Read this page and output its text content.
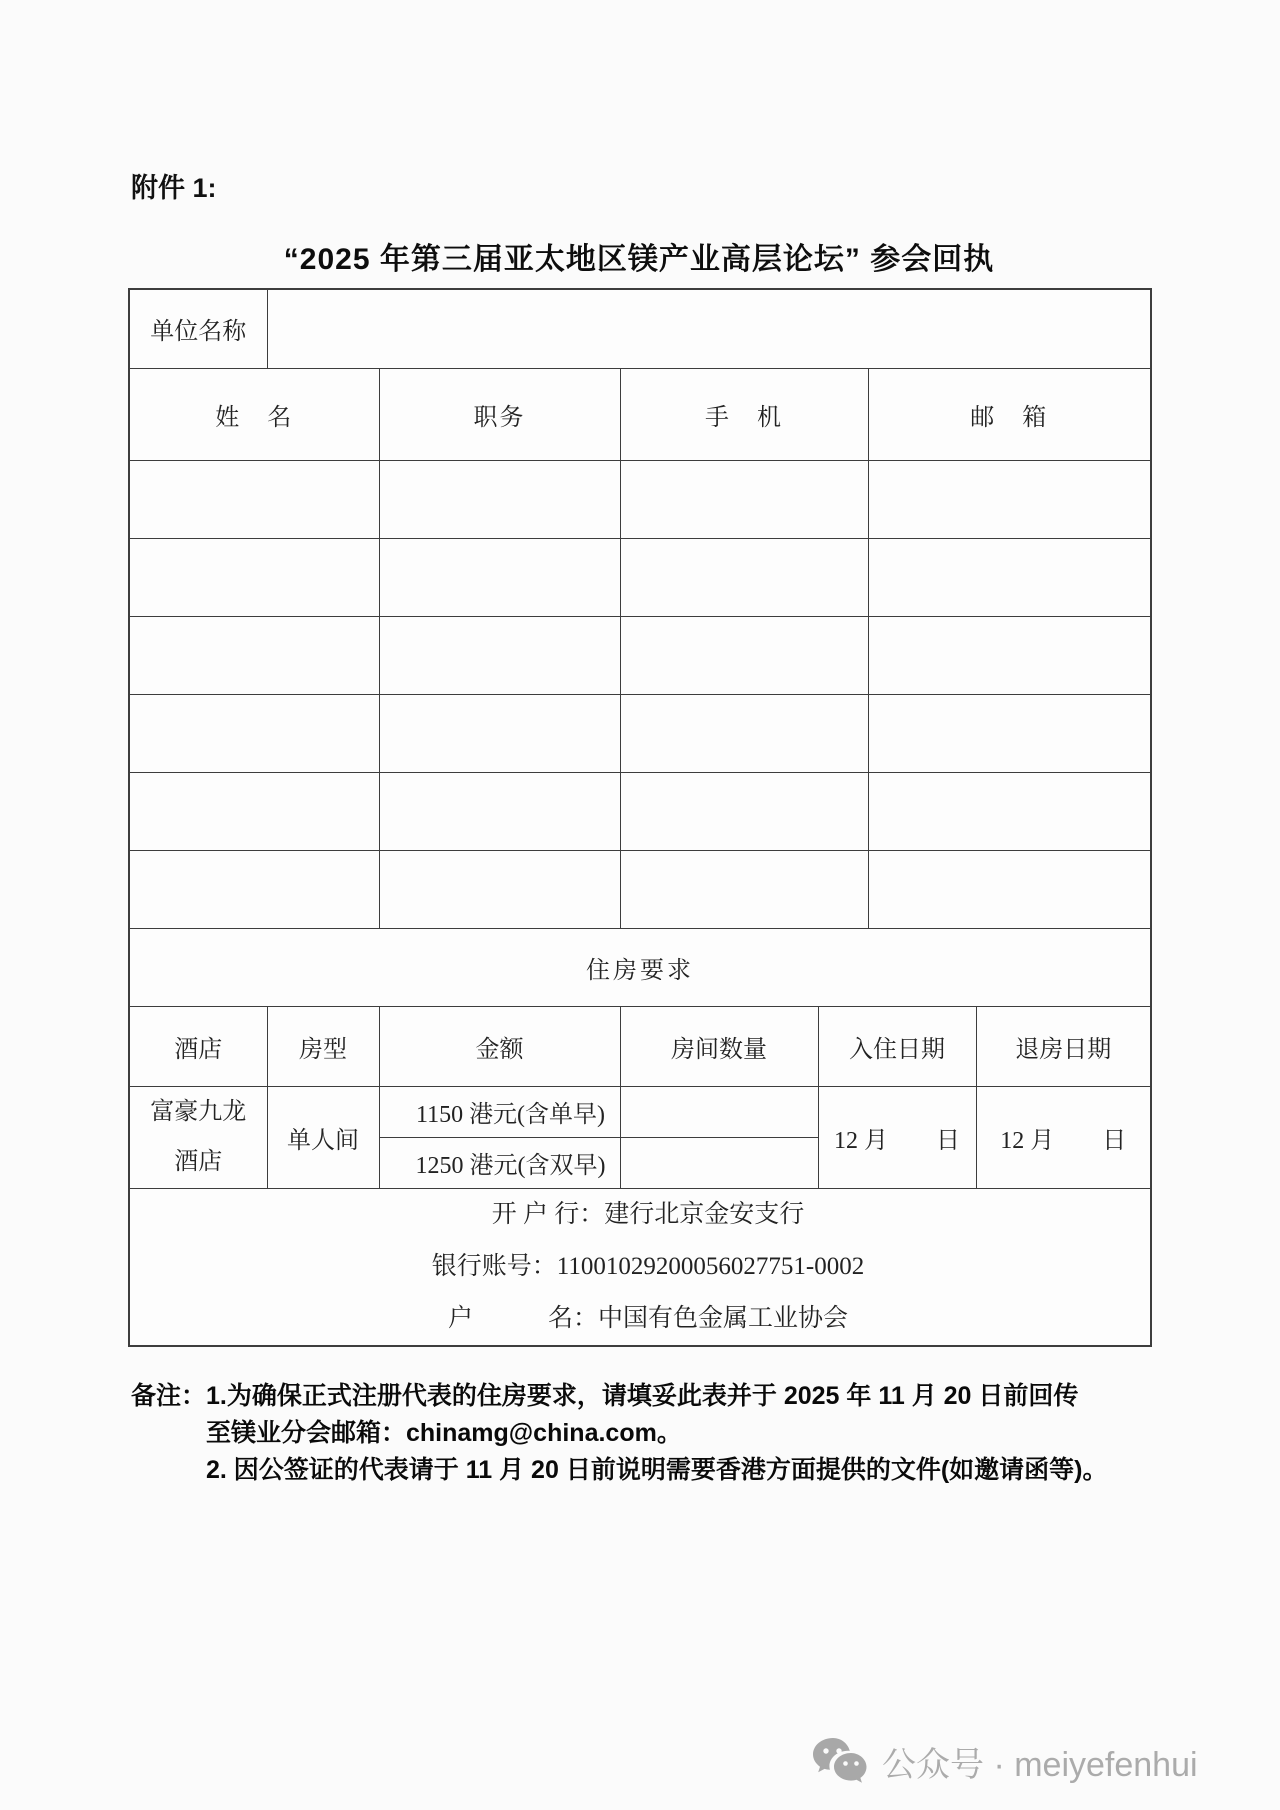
附件 1:
“2025 年第三届亚太地区镁产业高层论坛” 参会回执
单位名称						
姓　名		职务	手　机		邮　箱	

住房要求						
酒店	房型	金额	房间数量	入住日期		退房日期

富豪九龙
酒店	单人间	1150 港元(含单早)		12 月　　日		12 月　　日
		1250 港元(含双早)				

开 户 行：建行北京金安支行
银行账号：11001029200056027751-0002
户　　　名：中国有色金属工业协会						
备注：1.为确保正式注册代表的住房要求，请填妥此表并于 2025 年 11 月 20 日前回传
至镁业分会邮箱：chinamg@china.com。
2. 因公签证的代表请于 11 月 20 日前说明需要香港方面提供的文件(如邀请函等)。
公众号 · meiyefenhui
